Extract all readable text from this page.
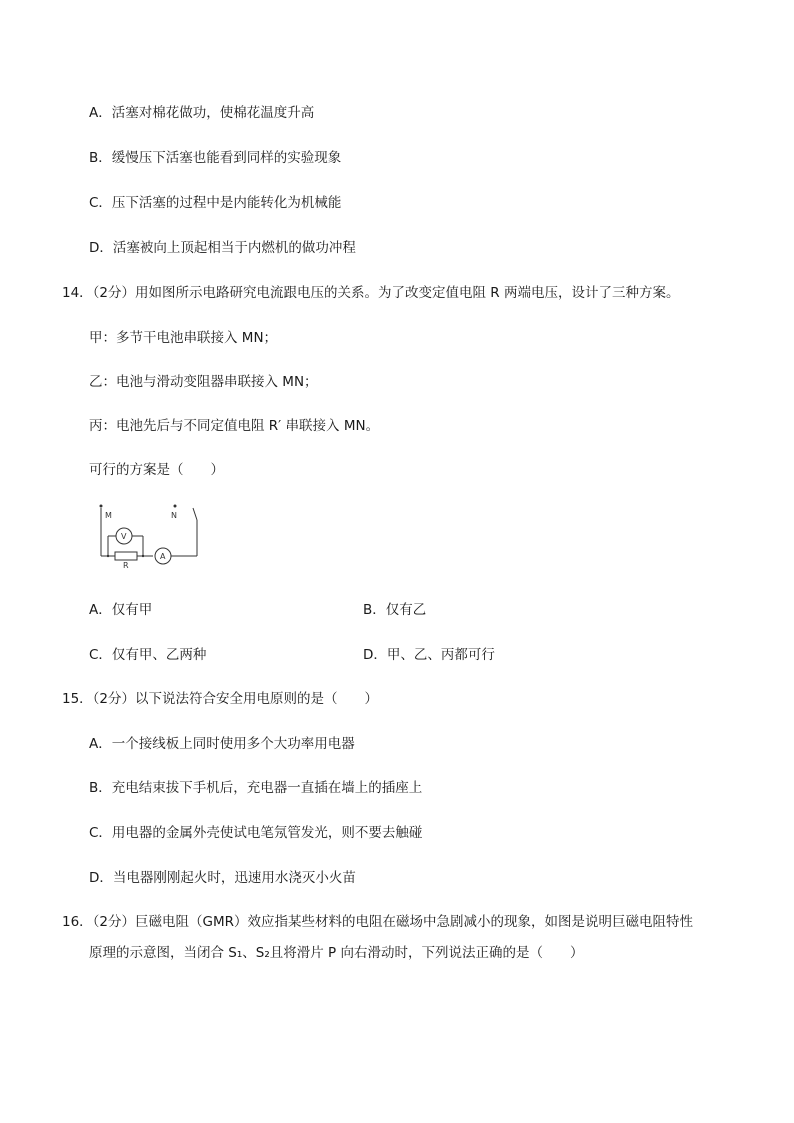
A．活塞对棉花做功，使棉花温度升高
B．缓慢压下活塞也能看到同样的实验现象
C．压下活塞的过程中是内能转化为机械能
D．活塞被向上顶起相当于内燃机的做功冲程
14．（2分）用如图所示电路研究电流跟电压的关系。为了改变定值电阻 R 两端电压，设计了三种方案。
甲：多节干电池串联接入 MN；
乙：电池与滑动变阻器串联接入 MN；
丙：电池先后与不同定值电阻 R′ 串联接入 MN。
可行的方案是（　　）
M	N
R
A
V
A．仅有甲	B．仅有乙
C．仅有甲、乙两种	D．甲、乙、丙都可行
15．（2分）以下说法符合安全用电原则的是（　　）
A．一个接线板上同时使用多个大功率用电器
B．充电结束拔下手机后，充电器一直插在墙上的插座上
C．用电器的金属外壳使试电笔氖管发光，则不要去触碰
D．当电器刚刚起火时，迅速用水浇灭小火苗
16．（2分）巨磁电阻（GMR）效应指某些材料的电阻在磁场中急剧减小的现象，如图是说明巨磁电阻特性
原理的示意图，当闭合 S₁、S₂且将滑片 P 向右滑动时，下列说法正确的是（　　）
